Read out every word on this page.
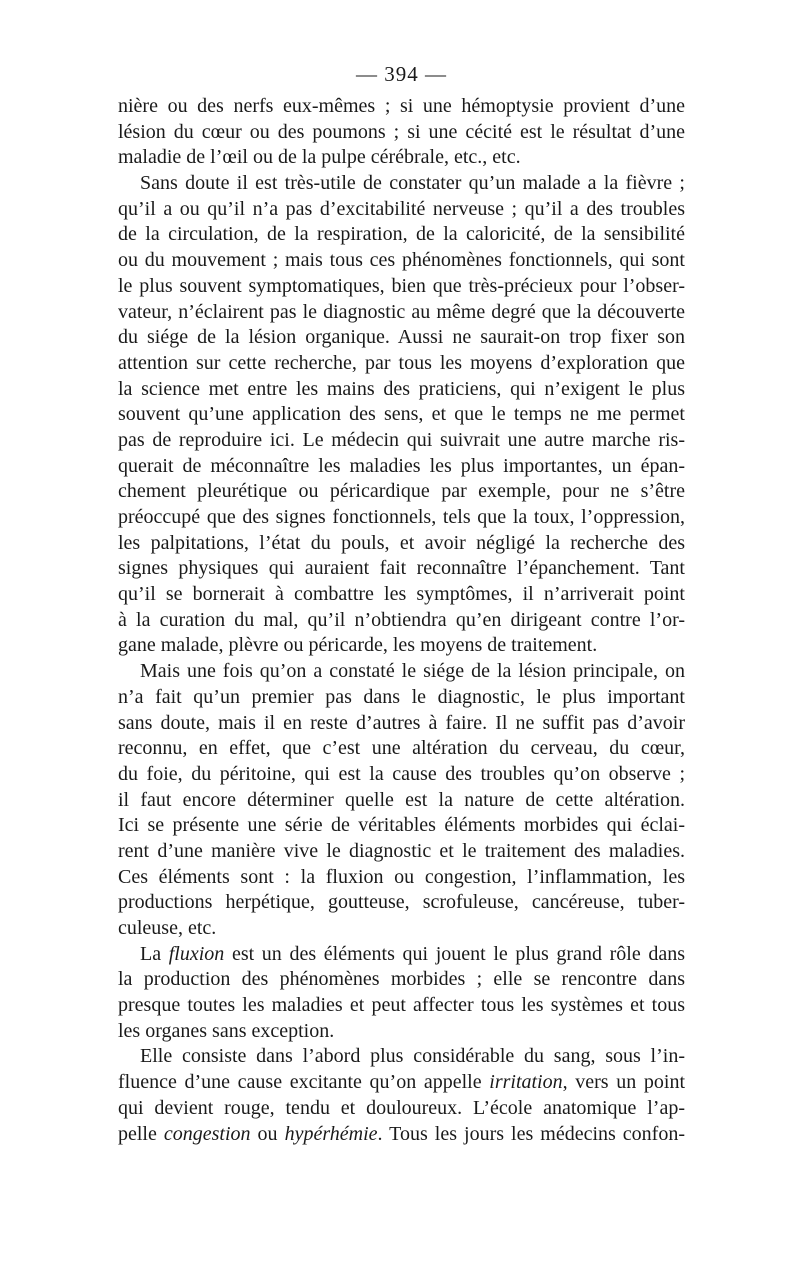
— 394 —
nière ou des nerfs eux-mêmes ; si une hémoptysie provient d’une
lésion du cœur ou des poumons ; si une cécité est le résultat d’une
maladie de l’œil ou de la pulpe cérébrale, etc., etc.
Sans doute il est très-utile de constater qu’un malade a la fièvre ;
qu’il a ou qu’il n’a pas d’excitabilité nerveuse ; qu’il a des troubles
de la circulation, de la respiration, de la caloricité, de la sensibilité
ou du mouvement ; mais tous ces phénomènes fonctionnels, qui sont
le plus souvent symptomatiques, bien que très-précieux pour l’obser-
vateur, n’éclairent pas le diagnostic au même degré que la découverte
du siége de la lésion organique. Aussi ne saurait-on trop fixer son
attention sur cette recherche, par tous les moyens d’exploration que
la science met entre les mains des praticiens, qui n’exigent le plus
souvent qu’une application des sens, et que le temps ne me permet
pas de reproduire ici. Le médecin qui suivrait une autre marche ris-
querait de méconnaître les maladies les plus importantes, un épan-
chement pleurétique ou péricardique par exemple, pour ne s’être
préoccupé que des signes fonctionnels, tels que la toux, l’oppression,
les palpitations, l’état du pouls, et avoir négligé la recherche des
signes physiques qui auraient fait reconnaître l’épanchement. Tant
qu’il se bornerait à combattre les symptômes, il n’arriverait point
à la curation du mal, qu’il n’obtiendra qu’en dirigeant contre l’or-
gane malade, plèvre ou péricarde, les moyens de traitement.
Mais une fois qu’on a constaté le siége de la lésion principale, on
n’a fait qu’un premier pas dans le diagnostic, le plus important
sans doute, mais il en reste d’autres à faire. Il ne suffit pas d’avoir
reconnu, en effet, que c’est une altération du cerveau, du cœur,
du foie, du péritoine, qui est la cause des troubles qu’on observe ;
il faut encore déterminer quelle est la nature de cette altération.
Ici se présente une série de véritables éléments morbides qui éclai-
rent d’une manière vive le diagnostic et le traitement des maladies.
Ces éléments sont : la fluxion ou congestion, l’inflammation, les
productions herpétique, goutteuse, scrofuleuse, cancéreuse, tuber-
culeuse, etc.
La fluxion est un des éléments qui jouent le plus grand rôle dans
la production des phénomènes morbides ; elle se rencontre dans
presque toutes les maladies et peut affecter tous les systèmes et tous
les organes sans exception.
Elle consiste dans l’abord plus considérable du sang, sous l’in-
fluence d’une cause excitante qu’on appelle irritation, vers un point
qui devient rouge, tendu et douloureux. L’école anatomique l’ap-
pelle congestion ou hypérhémie. Tous les jours les médecins confon-
